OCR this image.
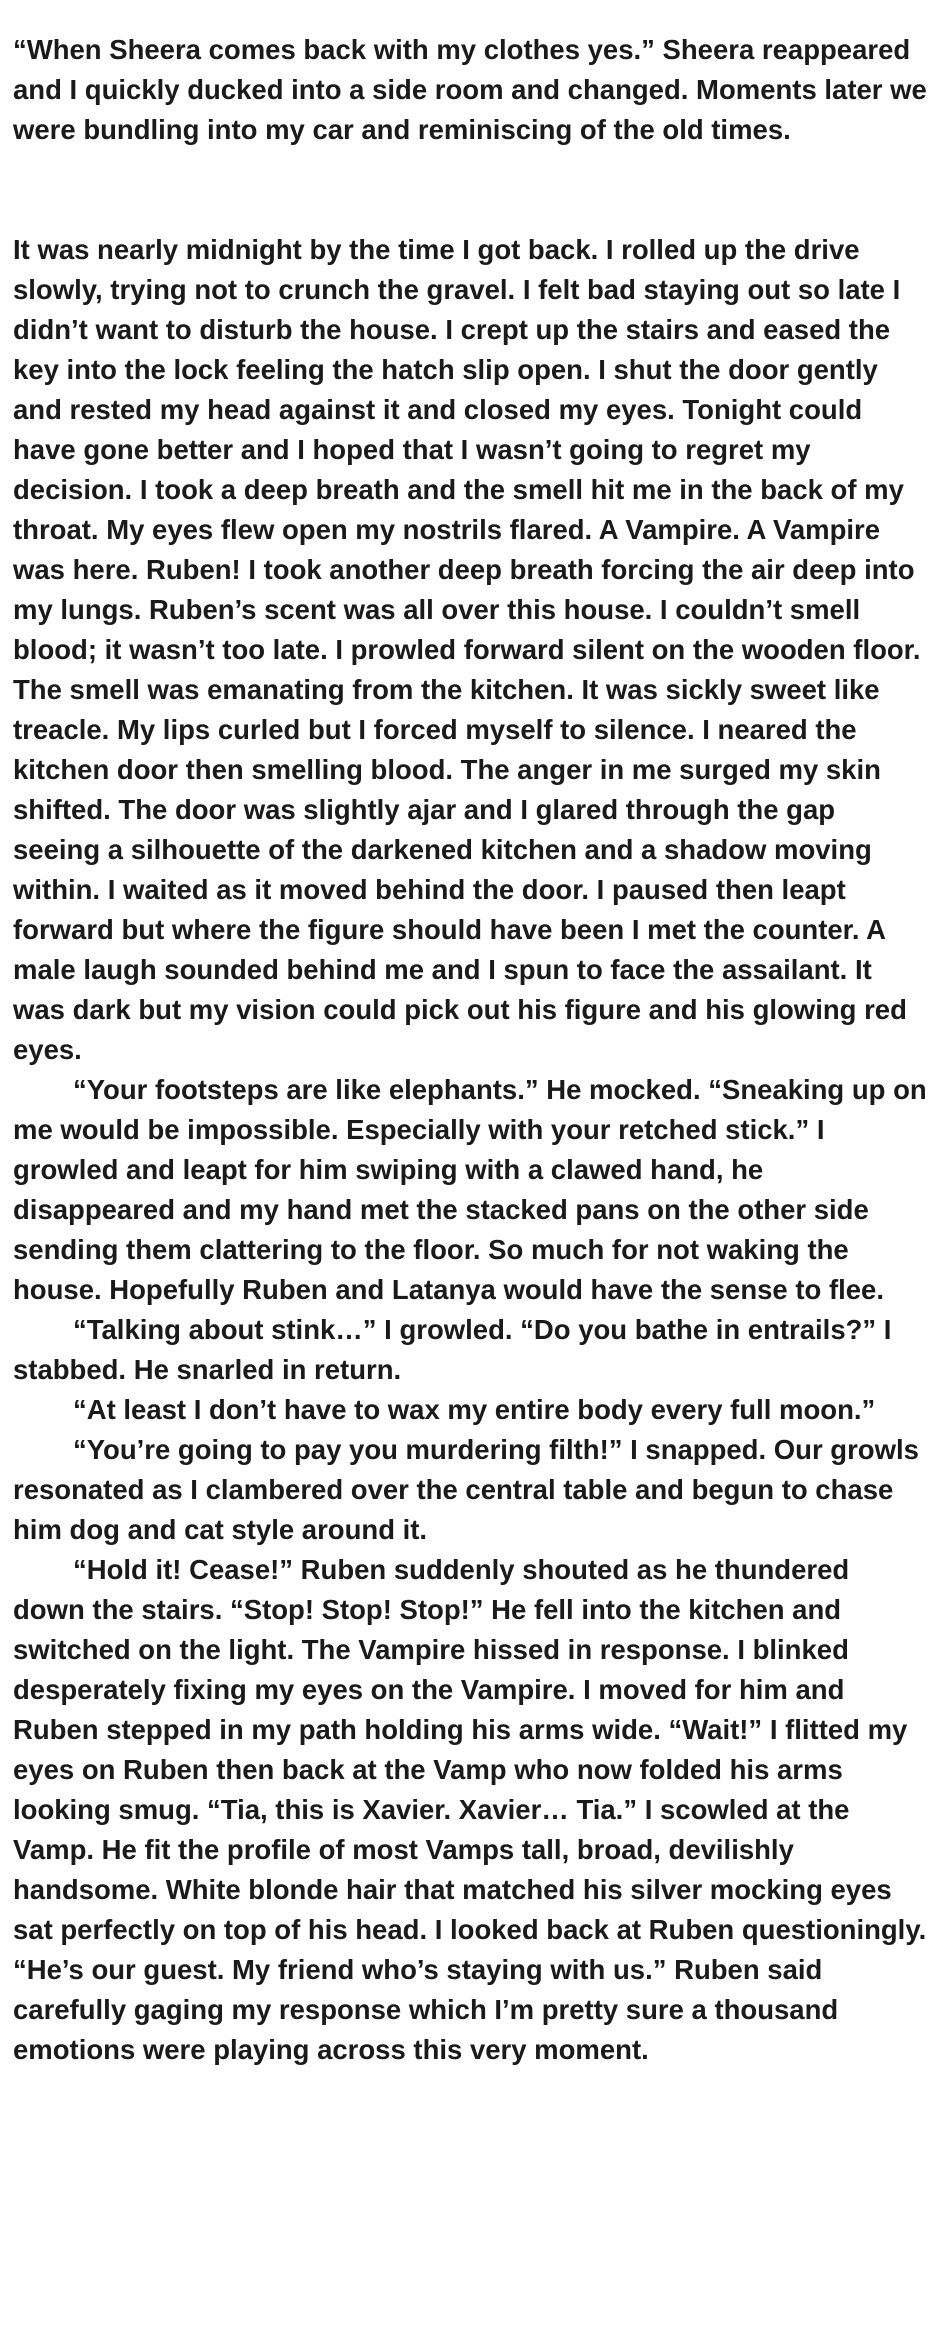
“When Sheera comes back with my clothes yes.” Sheera reappeared and I quickly ducked into a side room and changed. Moments later we were bundling into my car and reminiscing of the old times.

It was nearly midnight by the time I got back. I rolled up the drive slowly, trying not to crunch the gravel. I felt bad staying out so late I didn’t want to disturb the house. I crept up the stairs and eased the key into the lock feeling the hatch slip open. I shut the door gently and rested my head against it and closed my eyes. Tonight could have gone better and I hoped that I wasn’t going to regret my decision. I took a deep breath and the smell hit me in the back of my throat. My eyes flew open my nostrils flared. A Vampire. A Vampire was here. Ruben! I took another deep breath forcing the air deep into my lungs. Ruben’s scent was all over this house. I couldn’t smell blood; it wasn’t too late. I prowled forward silent on the wooden floor. The smell was emanating from the kitchen. It was sickly sweet like treacle. My lips curled but I forced myself to silence. I neared the kitchen door then smelling blood. The anger in me surged my skin shifted. The door was slightly ajar and I glared through the gap seeing a silhouette of the darkened kitchen and a shadow moving within. I waited as it moved behind the door. I paused then leapt forward but where the figure should have been I met the counter. A male laugh sounded behind me and I spun to face the assailant. It was dark but my vision could pick out his figure and his glowing red eyes.

“Your footsteps are like elephants.” He mocked. “Sneaking up on me would be impossible. Especially with your retched stick.” I growled and leapt for him swiping with a clawed hand, he disappeared and my hand met the stacked pans on the other side sending them clattering to the floor. So much for not waking the house. Hopefully Ruben and Latanya would have the sense to flee.

“Talking about stink…” I growled. “Do you bathe in entrails?” I stabbed. He snarled in return.

“At least I don’t have to wax my entire body every full moon.”

“You’re going to pay you murdering filth!” I snapped. Our growls resonated as I clambered over the central table and begun to chase him dog and cat style around it.

“Hold it! Cease!” Ruben suddenly shouted as he thundered down the stairs. “Stop! Stop! Stop!” He fell into the kitchen and switched on the light. The Vampire hissed in response. I blinked desperately fixing my eyes on the Vampire. I moved for him and Ruben stepped in my path holding his arms wide. “Wait!” I flitted my eyes on Ruben then back at the Vamp who now folded his arms looking smug. “Tia, this is Xavier. Xavier… Tia.” I scowled at the Vamp. He fit the profile of most Vamps tall, broad, devilishly handsome. White blonde hair that matched his silver mocking eyes sat perfectly on top of his head. I looked back at Ruben questioningly. “He’s our guest. My friend who’s staying with us.” Ruben said carefully gaging my response which I’m pretty sure a thousand emotions were playing across this very moment.
